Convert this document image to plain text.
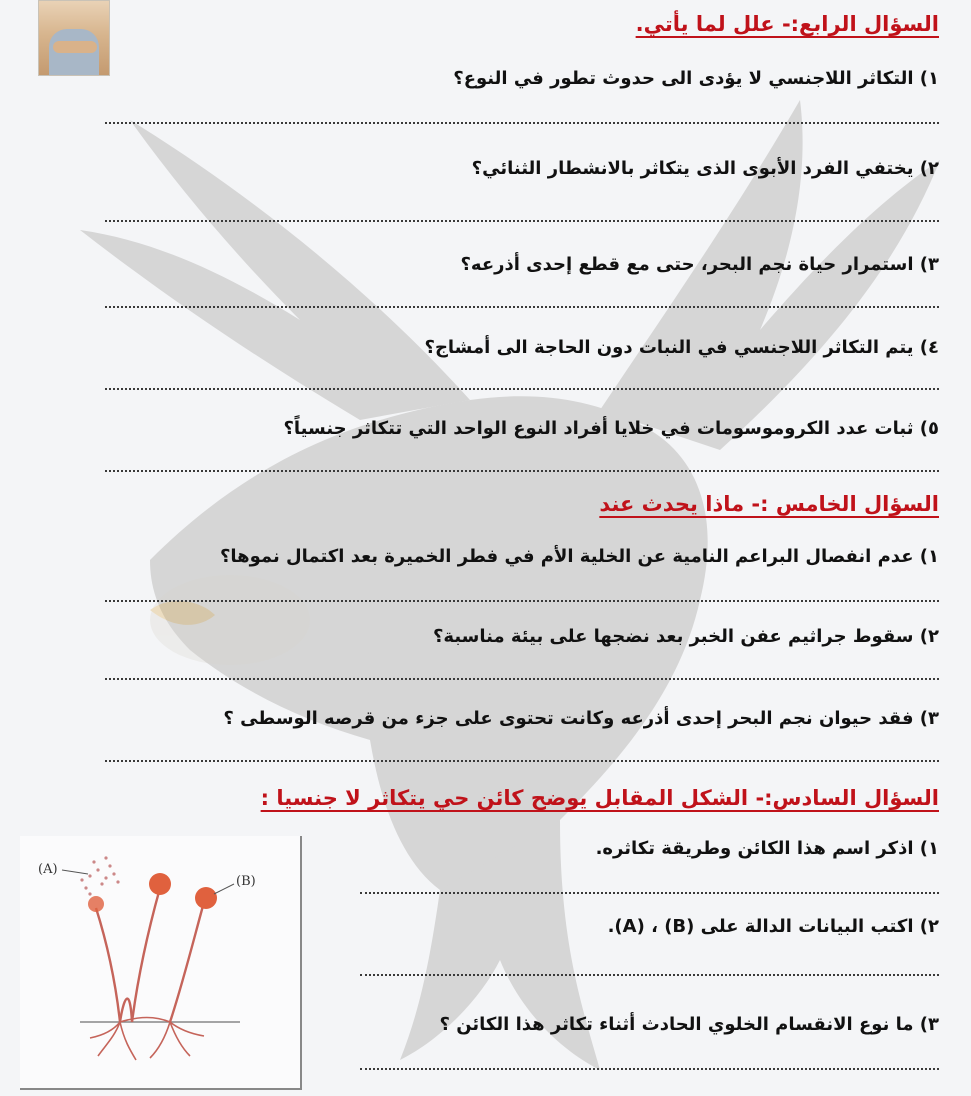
السؤال الرابع:- علل لما يأتي.

١) التكاثر اللاجنسي لا يؤدى الى حدوث تطور في النوع؟

٢) يختفي الفرد الأبوى الذى يتكاثر بالانشطار الثنائي؟

٣) استمرار حياة نجم البحر، حتى مع قطع إحدى أذرعه؟

٤) يتم التكاثر اللاجنسي في النبات دون الحاجة الى أمشاج؟

٥) ثبات عدد الكروموسومات في خلايا أفراد النوع الواحد التي تتكاثر جنسياً؟

السؤال الخامس :- ماذا يحدث عند

١) عدم انفصال البراعم النامية عن الخلية الأم في فطر الخميرة بعد اكتمال نموها؟

٢) سقوط جراثيم عفن الخبر بعد نضجها على بيئة مناسبة؟

٣) فقد حيوان نجم البحر إحدى أذرعه وكانت تحتوى على جزء من قرصه الوسطى ؟

السؤال السادس:- الشكل المقابل يوضح كائن حي يتكاثر لا جنسيا :

١) اذكر اسم هذا الكائن وطريقة تكاثره.

٢) اكتب البيانات الدالة على (B) ، (A).

٣) ما نوع الانقسام الخلوي الحادث أثناء تكاثر هذا الكائن ؟

(A)
(B)
